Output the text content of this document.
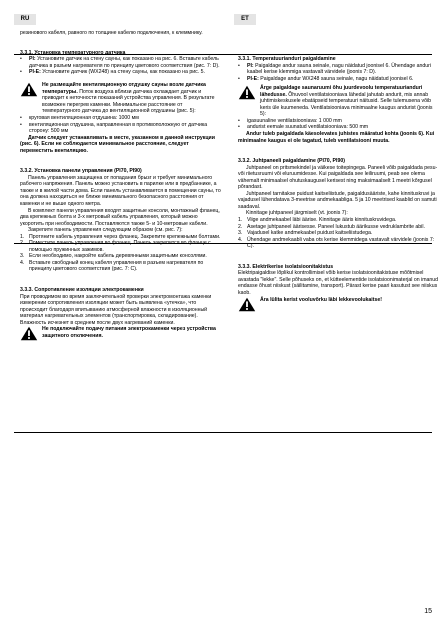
RU	ET

резинового кабеля, равного по толщине кабелю подключения, к клеммнику.

3.3.1. Установка температурного датчика

• PI: Установите датчик на стену сауны, как показано на рис. 6. Вставьте кабель датчика в разъем нагревателя по принципу цветового соответствия (рис. 7: D).

• PI-E: Установите датчик (WX248) на стену сауны, как показано на рис. 5.

Не размещайте вентиляционную отдушку сауны возле датчика температуры. Поток воздуха вблизи датчика охлаждает датчик и приводит к неточности показаний устройства управления. В результате возможен перегрев каменки. Минимальное расстояние от температурного датчика до вентиляционной отдушины (рис. 5):

• круговая вентиляционная отдушина: 1000 мм

• вентиляционная отдушина, направленная в противоположную от датчика сторону: 500 мм

Датчик следует устанавливать в месте, указанном в данной инструкции (рис. 6). Если не соблюдается минимальное расстояние, следует переместить вентиляцию.

3.3.2. Установка панели управления (PI70, PI90)

Панель управления защищена от попадания брызг и требует минимального рабочего напряжения. Панель можно установить в парилке или в предбаннике, а также и в жилой части дома. Если панель устанавливается в помещении сауны, то она должна находиться не ближе минимального безопасного расстояния от каменки и не выше одного метра.

В комплект панели управления входят защитные консоли, монтажный фланец, два крепежных болта и 3-х метровый кабель управления, который можно укоротить при необходимости. Поставляются также 5- и 10-метровые кабели.

Закрепите панель управления следующим образом (см. рис. 7):

1. Протяните кабель управления через фланец. Закрепите крепежными болтами.

2. Поместите панель управления во фланец. Панель закрепится во фланце с помощью пружинных зажимов.

3. Если необходимо, накройте кабель деревянными защитными консолями.

4. Вставьте свободный конец кабеля управления в разъем нагревателя по принципу цветового соответствия (рис. 7: C).

3.3.3. Сопротивление изоляции электрокаменки

При проводимом во время заключительной проверки электромонтажа каменки измерении сопротивления изоляции может быть выявлена «утечка», что происходит благодаря впитыванию атмосферной влажности в изоляционный материал нагревательных элементов (транспортировка, складирование). Влажность исчезнет в среднем после двух нагреваний каменки.

Не подключайте подачу питания электрокаменки через устройства защитного отключения.

3.3.1. Temperatuurianduri paigaldamine

• PI: Paigaldage andur sauna seinale, nagu näidatud joonisel 6. Ühendage anduri kaabel kerise klemmiga vastavalt värvidele (joonis 7: D).

• PI-E: Paigaldage andur WX248 sauna seinale, nagu näidatud joonisel 6.

Ärge paigaldage saunaruumi õhu juurdevoolu temperatuurianduri lähedusse. Õhuvool ventilatsiooniava lähedal jahutab andurit, mis annab juhtimiskeskusele ebatäpseid temperatuuri näitusid. Selle tulemusena võib keris üle kuumeneda. Ventilatsiooniava minimaalne kaugus andurist (joonis 5):

• igasuunaline ventilatsiooniava: 1 000 mm

• andurist eemale suunatud ventilatsiooniava: 500 mm

Andur tuleb paigaldada käesolevates juhistes määratud kohta (joonis 6). Kui minimaalne kaugus ei ole tagatud, tuleb ventilatsiooni muuta.

3.3.2. Juhtpaneeli paigaldamine (PI70, PI90)

Juhtpaneel on pritsmekindel ja väikese toitepingega. Paneeli võib paigaldada pesu- või riietusruumi või eluruumidesse. Kui paigaldada see leiliruumi, peab see olema vähemalt minimaalsel ohutuskaugusel kerisest ning maksimaalselt 1 meetri kõrgusel põrandast.

Juhtpaneel tarnitakse puidust kaitseliistude, paigaldusääriste, kahe kinnituskruvi ja vajadusel lühendatava 3-meetrise andmekaabliga. 5 ja 10 meetrised kaablid on samuti saadaval.

Kinnitage juhtpaneel järgmiselt (vt. joonis 7):

1. Viige andmekaabel läbi äärise. Kinnitage ääris kinnituskruvidega.

2. Asetage juhtpaneel äärisesse. Paneel lukustub äärikusse vedruklambrite abil.

3. Vajadusel katke andmekaabel puidust kaitseliistudega.

4. Ühendage andmekaabli vaba ots kerise klemmidega vastavalt värvidele (joonis 7: C).

3.3.3. Elektrikerise isolatsioonitakistus

Elektripaigaldise lõplikul kontrollimisel võib kerise isolatsioonitakistuse mõõtmisel avastada "lekke". Selle põhuseks on, et kütteelementide isolatsioonimaterjal on imanud endasse õhust niiskust (säilitamine, transport). Pärast kerise paari kasutust see niiskus kaob.

Ära lülita kerist vooluvõrku läbi lekkevoolukaitse!

15
